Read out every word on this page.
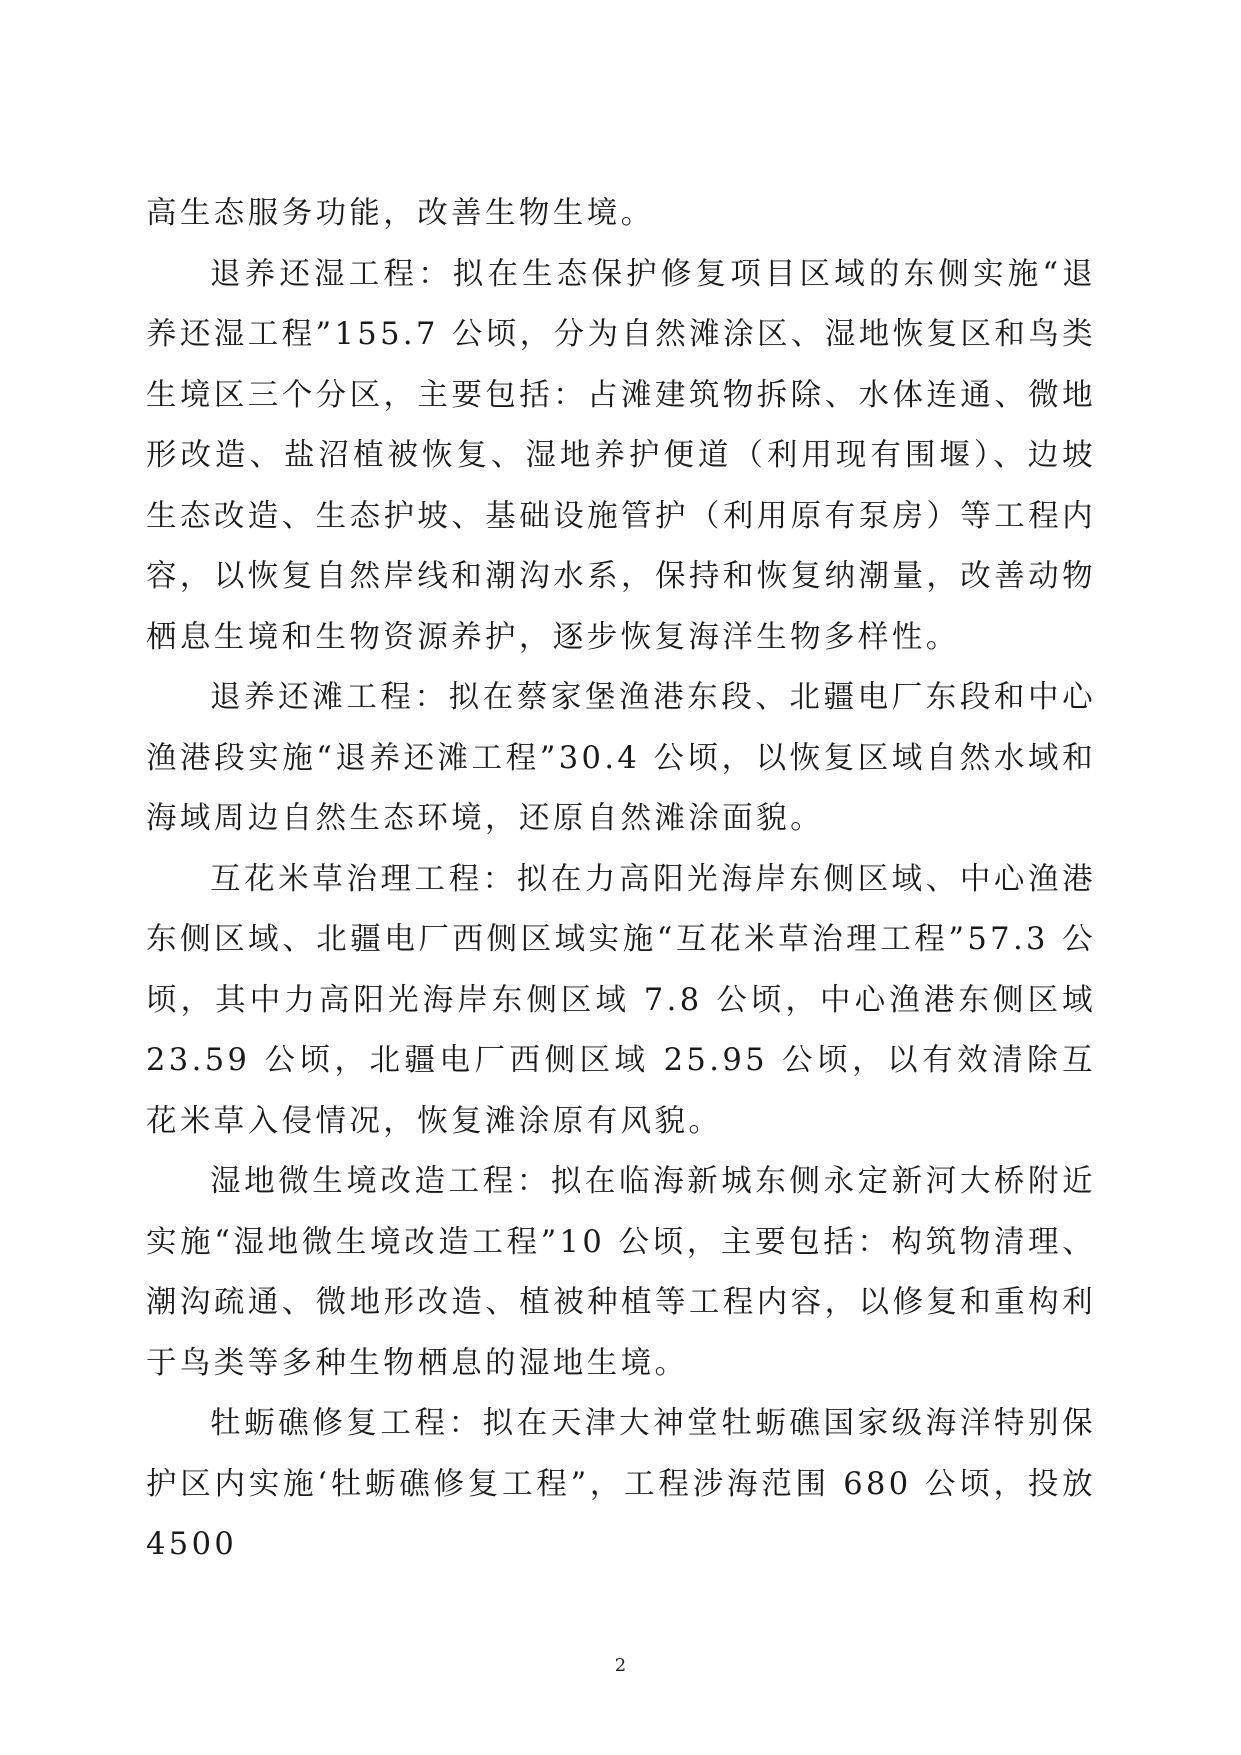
高生态服务功能，改善生物生境。

退养还湿工程：拟在生态保护修复项目区域的东侧实施“退养还湿工程”155.7 公顷，分为自然滩涂区、湿地恢复区和鸟类生境区三个分区，主要包括：占滩建筑物拆除、水体连通、微地形改造、盐沼植被恢复、湿地养护便道（利用现有围堰）、边坡生态改造、生态护坡、基础设施管护（利用原有泵房）等工程内容，以恢复自然岸线和潮沟水系，保持和恢复纳潮量，改善动物栖息生境和生物资源养护，逐步恢复海洋生物多样性。

退养还滩工程：拟在蔡家堡渔港东段、北疆电厂东段和中心渔港段实施“退养还滩工程”30.4 公顷，以恢复区域自然水域和海域周边自然生态环境，还原自然滩涂面貌。

互花米草治理工程：拟在力高阳光海岸东侧区域、中心渔港东侧区域、北疆电厂西侧区域实施“互花米草治理工程”57.3 公顷，其中力高阳光海岸东侧区域 7.8 公顷，中心渔港东侧区域 23.59 公顷，北疆电厂西侧区域 25.95 公顷，以有效清除互花米草入侵情况，恢复滩涂原有风貌。

湿地微生境改造工程：拟在临海新城东侧永定新河大桥附近实施“湿地微生境改造工程”10 公顷，主要包括：构筑物清理、潮沟疏通、微地形改造、植被种植等工程内容，以修复和重构利于鸟类等多种生物栖息的湿地生境。

牡蛎礁修复工程：拟在天津大神堂牡蛎礁国家级海洋特别保护区内实施‘牡蛎礁修复工程”，工程涉海范围 680 公顷，投放 4500

2
